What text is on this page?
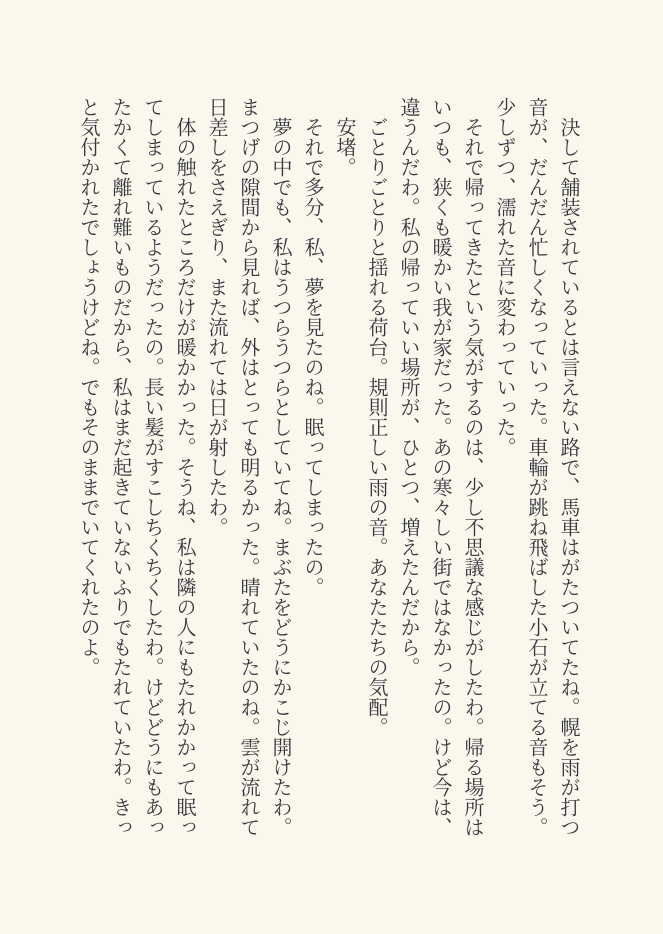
決して舗装されているとは言えない路で、馬車はがたついてたね。幌を雨が打つ音が、だんだん忙しくなっていった。車輪が跳ね飛ばした小石が立てる音もそう。少しずつ、濡れた音に変わっていった。

それで帰ってきたという気がするのは、少し不思議な感じがしたわ。帰る場所はいつも、狭くも暖かい我が家だった。あの寒々しい街ではなかったの。けど今は、違うんだわ。私の帰っていい場所が、ひとつ、増えたんだから。

ごとりごとりと揺れる荷台。規則正しい雨の音。あなたたちの気配。

安堵。

それで多分、私、夢を見たのね。眠ってしまったの。

夢の中でも、私はうつらうつらとしていてね。まぶたをどうにかこじ開けたわ。まつげの隙間から見れば、外はとっても明るかった。晴れていたのね。雲が流れて日差しをさえぎり、また流れては日が射したわ。

体の触れたところだけが暖かかった。そうね、私は隣の人にもたれかかって眠ってしまっているようだったの。長い髪がすこしちくちくしたわ。けどどうにもあったかくて離れ難いものだから、私はまだ起きていないふりでもたれていたわ。きっと気付かれたでしょうけどね。でもそのままでいてくれたのよ。
